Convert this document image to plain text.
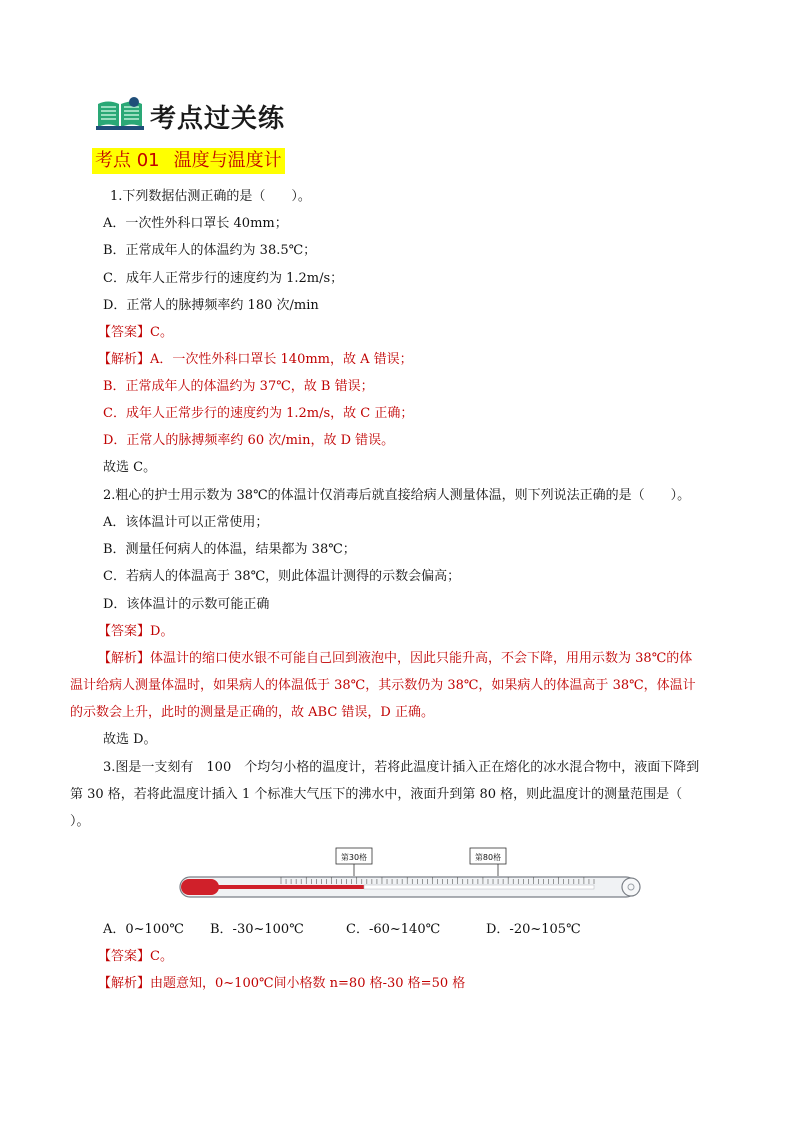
考点过关练
考点 01 温度与温度计
1.下列数据估测正确的是（　　）。
A．一次性外科口罩长 40mm；
B．正常成年人的体温约为 38.5℃；
C．成年人正常步行的速度约为 1.2m/s；
D．正常人的脉搏频率约 180 次/min
【答案】C。
【解析】A．一次性外科口罩长 140mm，故 A 错误；
B．正常成年人的体温约为 37℃，故 B 错误；
C．成年人正常步行的速度约为 1.2m/s，故 C 正确；
D．正常人的脉搏频率约 60 次/min，故 D 错误。
故选 C。
2.粗心的护士用示数为 38℃的体温计仅消毒后就直接给病人测量体温，则下列说法正确的是（　　）。
A．该体温计可以正常使用；
B．测量任何病人的体温，结果都为 38℃；
C．若病人的体温高于 38℃，则此体温计测得的示数会偏高；
D．该体温计的示数可能正确
【答案】D。
【解析】体温计的缩口使水银不可能自己回到液泡中，因此只能升高，不会下降，用用示数为 38℃的体
温计给病人测量体温时，如果病人的体温低于 38℃，其示数仍为 38℃，如果病人的体温高于 38℃，体温计
的示数会上升，此时的测量是正确的，故 ABC 错误，D 正确。
故选 D。
3.图是一支刻有　100　个均匀小格的温度计，若将此温度计插入正在熔化的冰水混合物中，液面下降到
第 30 格，若将此温度计插入 1 个标准大气压下的沸水中，液面升到第 80 格，则此温度计的测量范围是（
）。
第30格	第80格
A．0~100℃ B．-30~100℃	C．-60~140℃	D．-20~105℃
【答案】C。
【解析】由题意知，0~100℃间小格数 n=80 格-30 格=50 格
